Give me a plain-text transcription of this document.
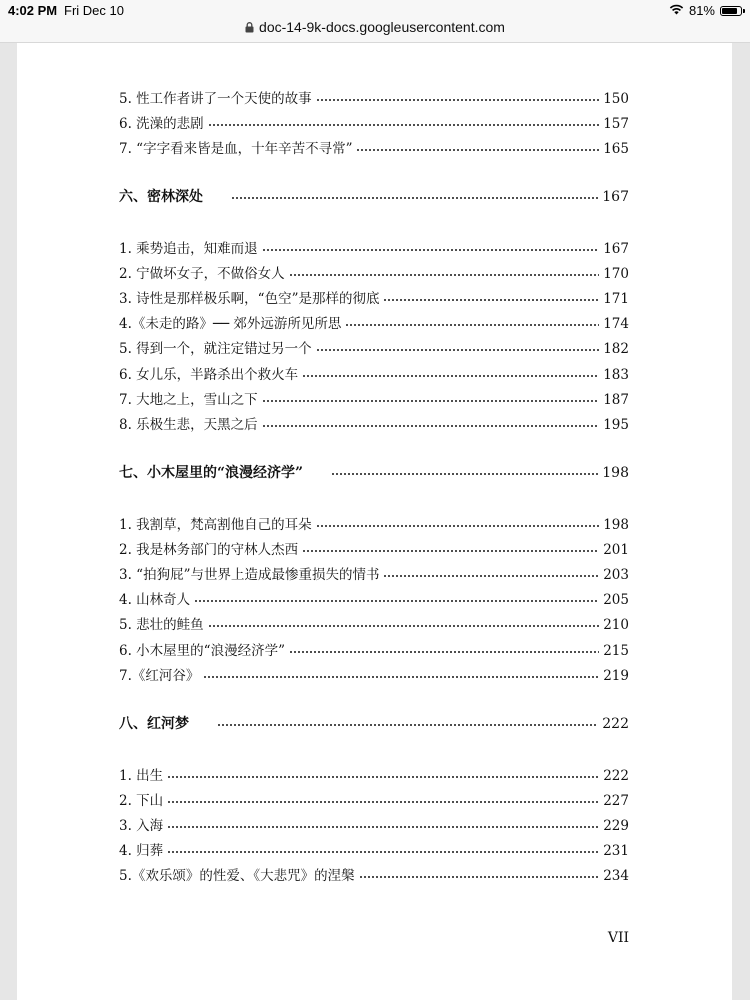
4:02 PM Fri Dec 10
doc-14-9k-docs.googleusercontent.com
81%
5. 性工作者讲了一个天使的故事	150
6. 洗澡的悲剧	157
7. “字字看来皆是血，十年辛苦不寻常”	165
六、密林深处	167
1. 乘势追击，知难而退	167
2. 宁做坏女子，不做俗女人	170
3. 诗性是那样极乐啊，“色空”是那样的彻底	171
4.《未走的路》── 郊外远游所见所思	174
5. 得到一个，就注定错过另一个	182
6. 女儿乐，半路杀出个救火车	183
7. 大地之上，雪山之下	187
8. 乐极生悲，天黑之后	195
七、小木屋里的“浪漫经济学”	198
1. 我割草，梵高割他自己的耳朵	198
2. 我是林务部门的守林人杰西	201
3. “拍狗屁”与世界上造成最惨重损失的情书	203
4. 山林奇人	205
5. 悲壮的鲑鱼	210
6. 小木屋里的“浪漫经济学”	215
7.《红河谷》	219
八、红河梦	222
1. 出生	222
2. 下山	227
3. 入海	229
4. 归葬	231
5.《欢乐颂》的性爱、《大悲咒》的涅槃	234
VII
